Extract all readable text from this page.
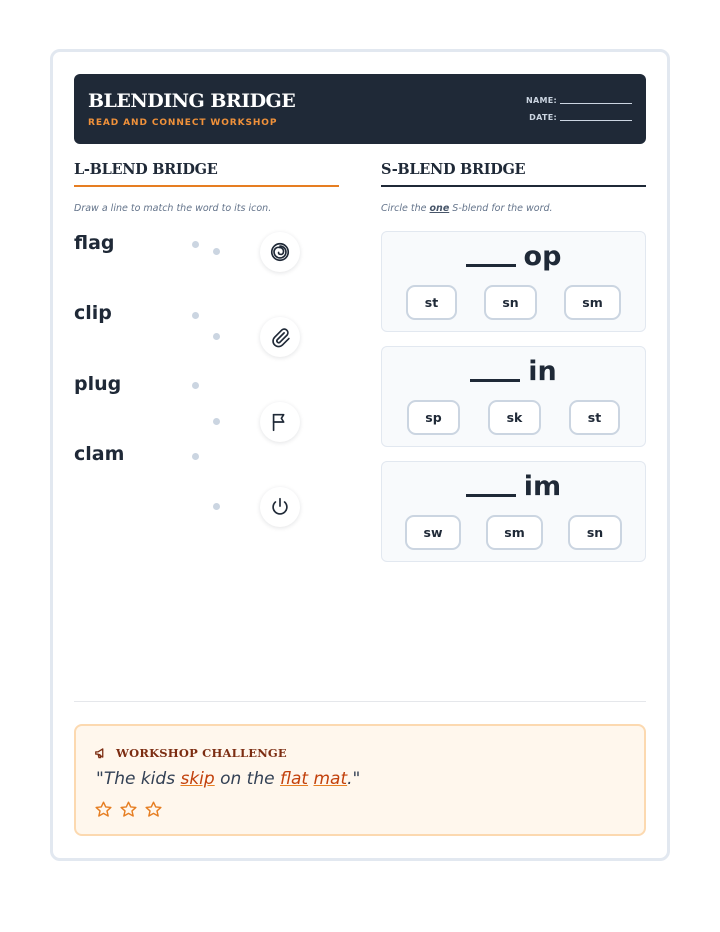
BLENDING BRIDGE
READ AND CONNECT WORKSHOP
NAME:
DATE:
L-BLEND BRIDGE
Draw a line to match the word to its icon.
flag
clip
plug
clam
S-BLEND BRIDGE
Circle the one S-blend for the word.
op
st	sn	sm
in
sp	sk	st
im
sw	sm	sn
WORKSHOP CHALLENGE
"The kids skip on the flat mat."
